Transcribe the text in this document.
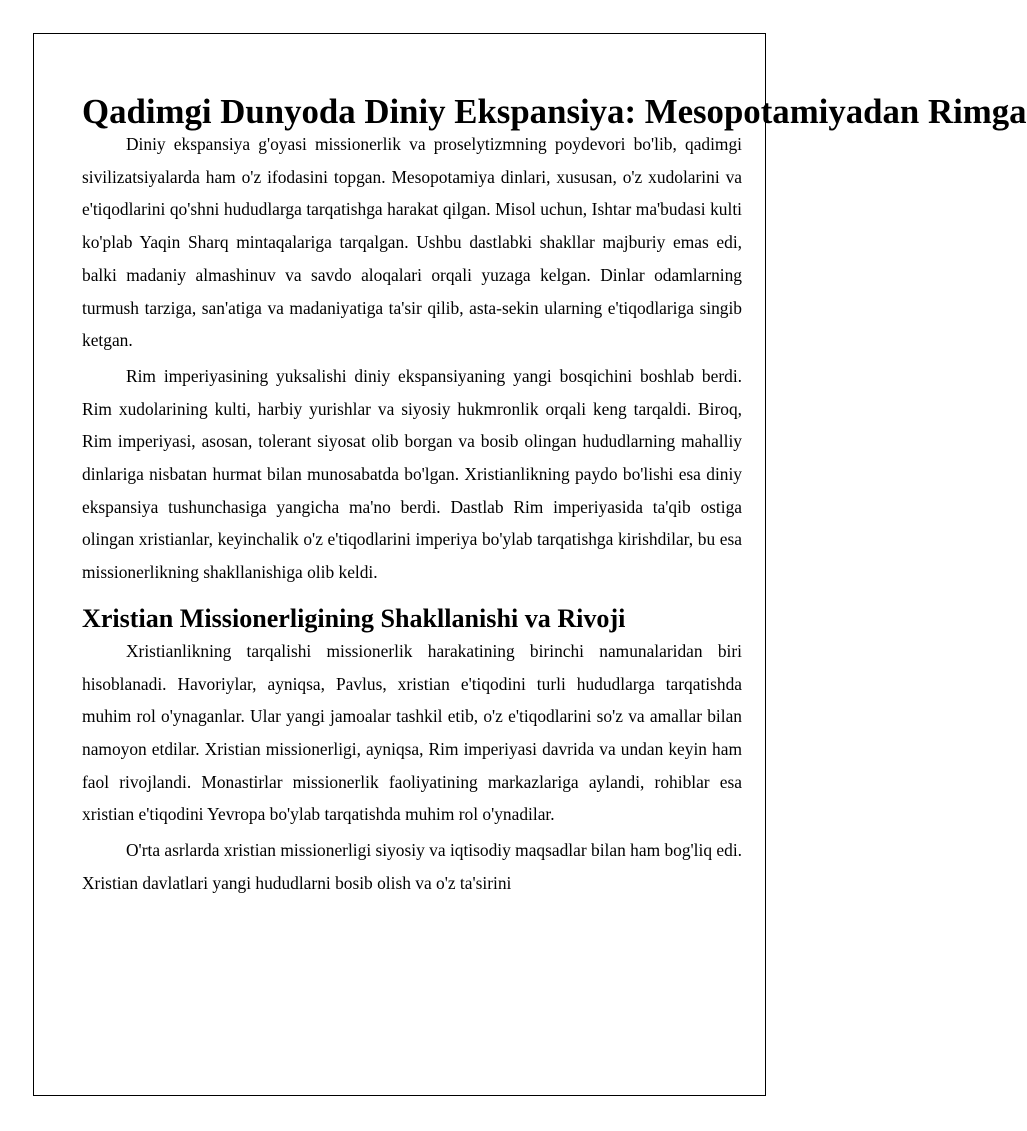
Qadimgi Dunyoda Diniy Ekspansiya: Mesopotamiyadan Rimga

Diniy ekspansiya g'oyasi missionerlik va proselytizmning poydevori bo'lib, qadimgi sivilizatsiyalarda ham o'z ifodasini topgan. Mesopotamiya dinlari, xususan, o'z xudolarini va e'tiqodlarini qo'shni hududlarga tarqatishga harakat qilgan. Misol uchun, Ishtar ma'budasi kulti ko'plab Yaqin Sharq mintaqalariga tarqalgan. Ushbu dastlabki shakllar majburiy emas edi, balki madaniy almashinuv va savdo aloqalari orqali yuzaga kelgan. Dinlar odamlarning turmush tarziga, san'atiga va madaniyatiga ta'sir qilib, asta-sekin ularning e'tiqodlariga singib ketgan.

Rim imperiyasining yuksalishi diniy ekspansiyaning yangi bosqichini boshlab berdi. Rim xudolarining kulti, harbiy yurishlar va siyosiy hukmronlik orqali keng tarqaldi. Biroq, Rim imperiyasi, asosan, tolerant siyosat olib borgan va bosib olingan hududlarning mahalliy dinlariga nisbatan hurmat bilan munosabatda bo'lgan. Xristianlikning paydo bo'lishi esa diniy ekspansiya tushunchasiga yangicha ma'no berdi. Dastlab Rim imperiyasida ta'qib ostiga olingan xristianlar, keyinchalik o'z e'tiqodlarini imperiya bo'ylab tarqatishga kirishdilar, bu esa missionerlikning shakllanishiga olib keldi.

Xristian Missionerligining Shakllanishi va Rivoji

Xristianlikning tarqalishi missionerlik harakatining birinchi namunalaridan biri hisoblanadi. Havoriylar, ayniqsa, Pavlus, xristian e'tiqodini turli hududlarga tarqatishda muhim rol o'ynaganlar. Ular yangi jamoalar tashkil etib, o'z e'tiqodlarini so'z va amallar bilan namoyon etdilar. Xristian missionerligi, ayniqsa, Rim imperiyasi davrida va undan keyin ham faol rivojlandi. Monastirlar missionerlik faoliyatining markazlariga aylandi, rohiblar esa xristian e'tiqodini Yevropa bo'ylab tarqatishda muhim rol o'ynadilar.

O'rta asrlarda xristian missionerligi siyosiy va iqtisodiy maqsadlar bilan ham bog'liq edi. Xristian davlatlari yangi hududlarni bosib olish va o'z ta'sirini
